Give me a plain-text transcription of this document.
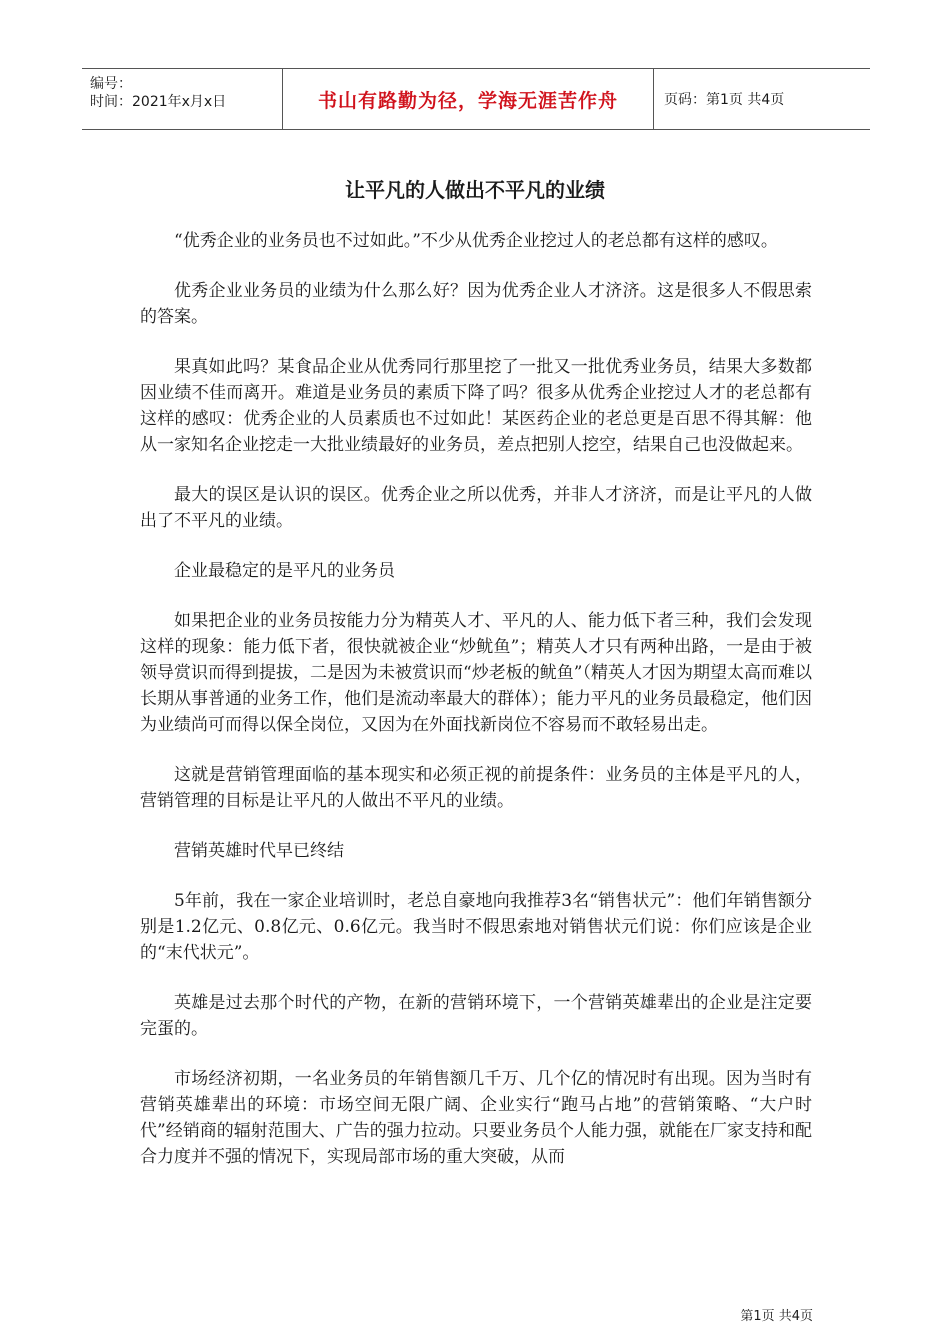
编号：
时间：2021年x月x日	书山有路勤为径，学海无涯苦作舟	页码：第1页 共4页
让平凡的人做出不平凡的业绩

“优秀企业的业务员也不过如此。”不少从优秀企业挖过人的老总都有这样的感叹。

优秀企业业务员的业绩为什么那么好？因为优秀企业人才济济。这是很多人不假思索的答案。

果真如此吗？某食品企业从优秀同行那里挖了一批又一批优秀业务员，结果大多数都因业绩不佳而离开。难道是业务员的素质下降了吗？很多从优秀企业挖过人才的老总都有这样的感叹：优秀企业的人员素质也不过如此！某医药企业的老总更是百思不得其解：他从一家知名企业挖走一大批业绩最好的业务员，差点把别人挖空，结果自己也没做起来。

最大的误区是认识的误区。优秀企业之所以优秀，并非人才济济，而是让平凡的人做出了不平凡的业绩。

企业最稳定的是平凡的业务员

如果把企业的业务员按能力分为精英人才、平凡的人、能力低下者三种，我们会发现这样的现象：能力低下者，很快就被企业“炒鱿鱼”；精英人才只有两种出路，一是由于被领导赏识而得到提拔，二是因为未被赏识而“炒老板的鱿鱼”（精英人才因为期望太高而难以长期从事普通的业务工作，他们是流动率最大的群体）；能力平凡的业务员最稳定，他们因为业绩尚可而得以保全岗位，又因为在外面找新岗位不容易而不敢轻易出走。

这就是营销管理面临的基本现实和必须正视的前提条件：业务员的主体是平凡的人，营销管理的目标是让平凡的人做出不平凡的业绩。

营销英雄时代早已终结

5年前，我在一家企业培训时，老总自豪地向我推荐3名“销售状元”：他们年销售额分别是1.2亿元、0.8亿元、0.6亿元。我当时不假思索地对销售状元们说：你们应该是企业的“末代状元”。

英雄是过去那个时代的产物，在新的营销环境下，一个营销英雄辈出的企业是注定要完蛋的。

市场经济初期，一名业务员的年销售额几千万、几个亿的情况时有出现。因为当时有营销英雄辈出的环境：市场空间无限广阔、企业实行“跑马占地”的营销策略、“大户时代”经销商的辐射范围大、广告的强力拉动。只要业务员个人能力强，就能在厂家支持和配合力度并不强的情况下，实现局部市场的重大突破，从而

第1页 共4页
